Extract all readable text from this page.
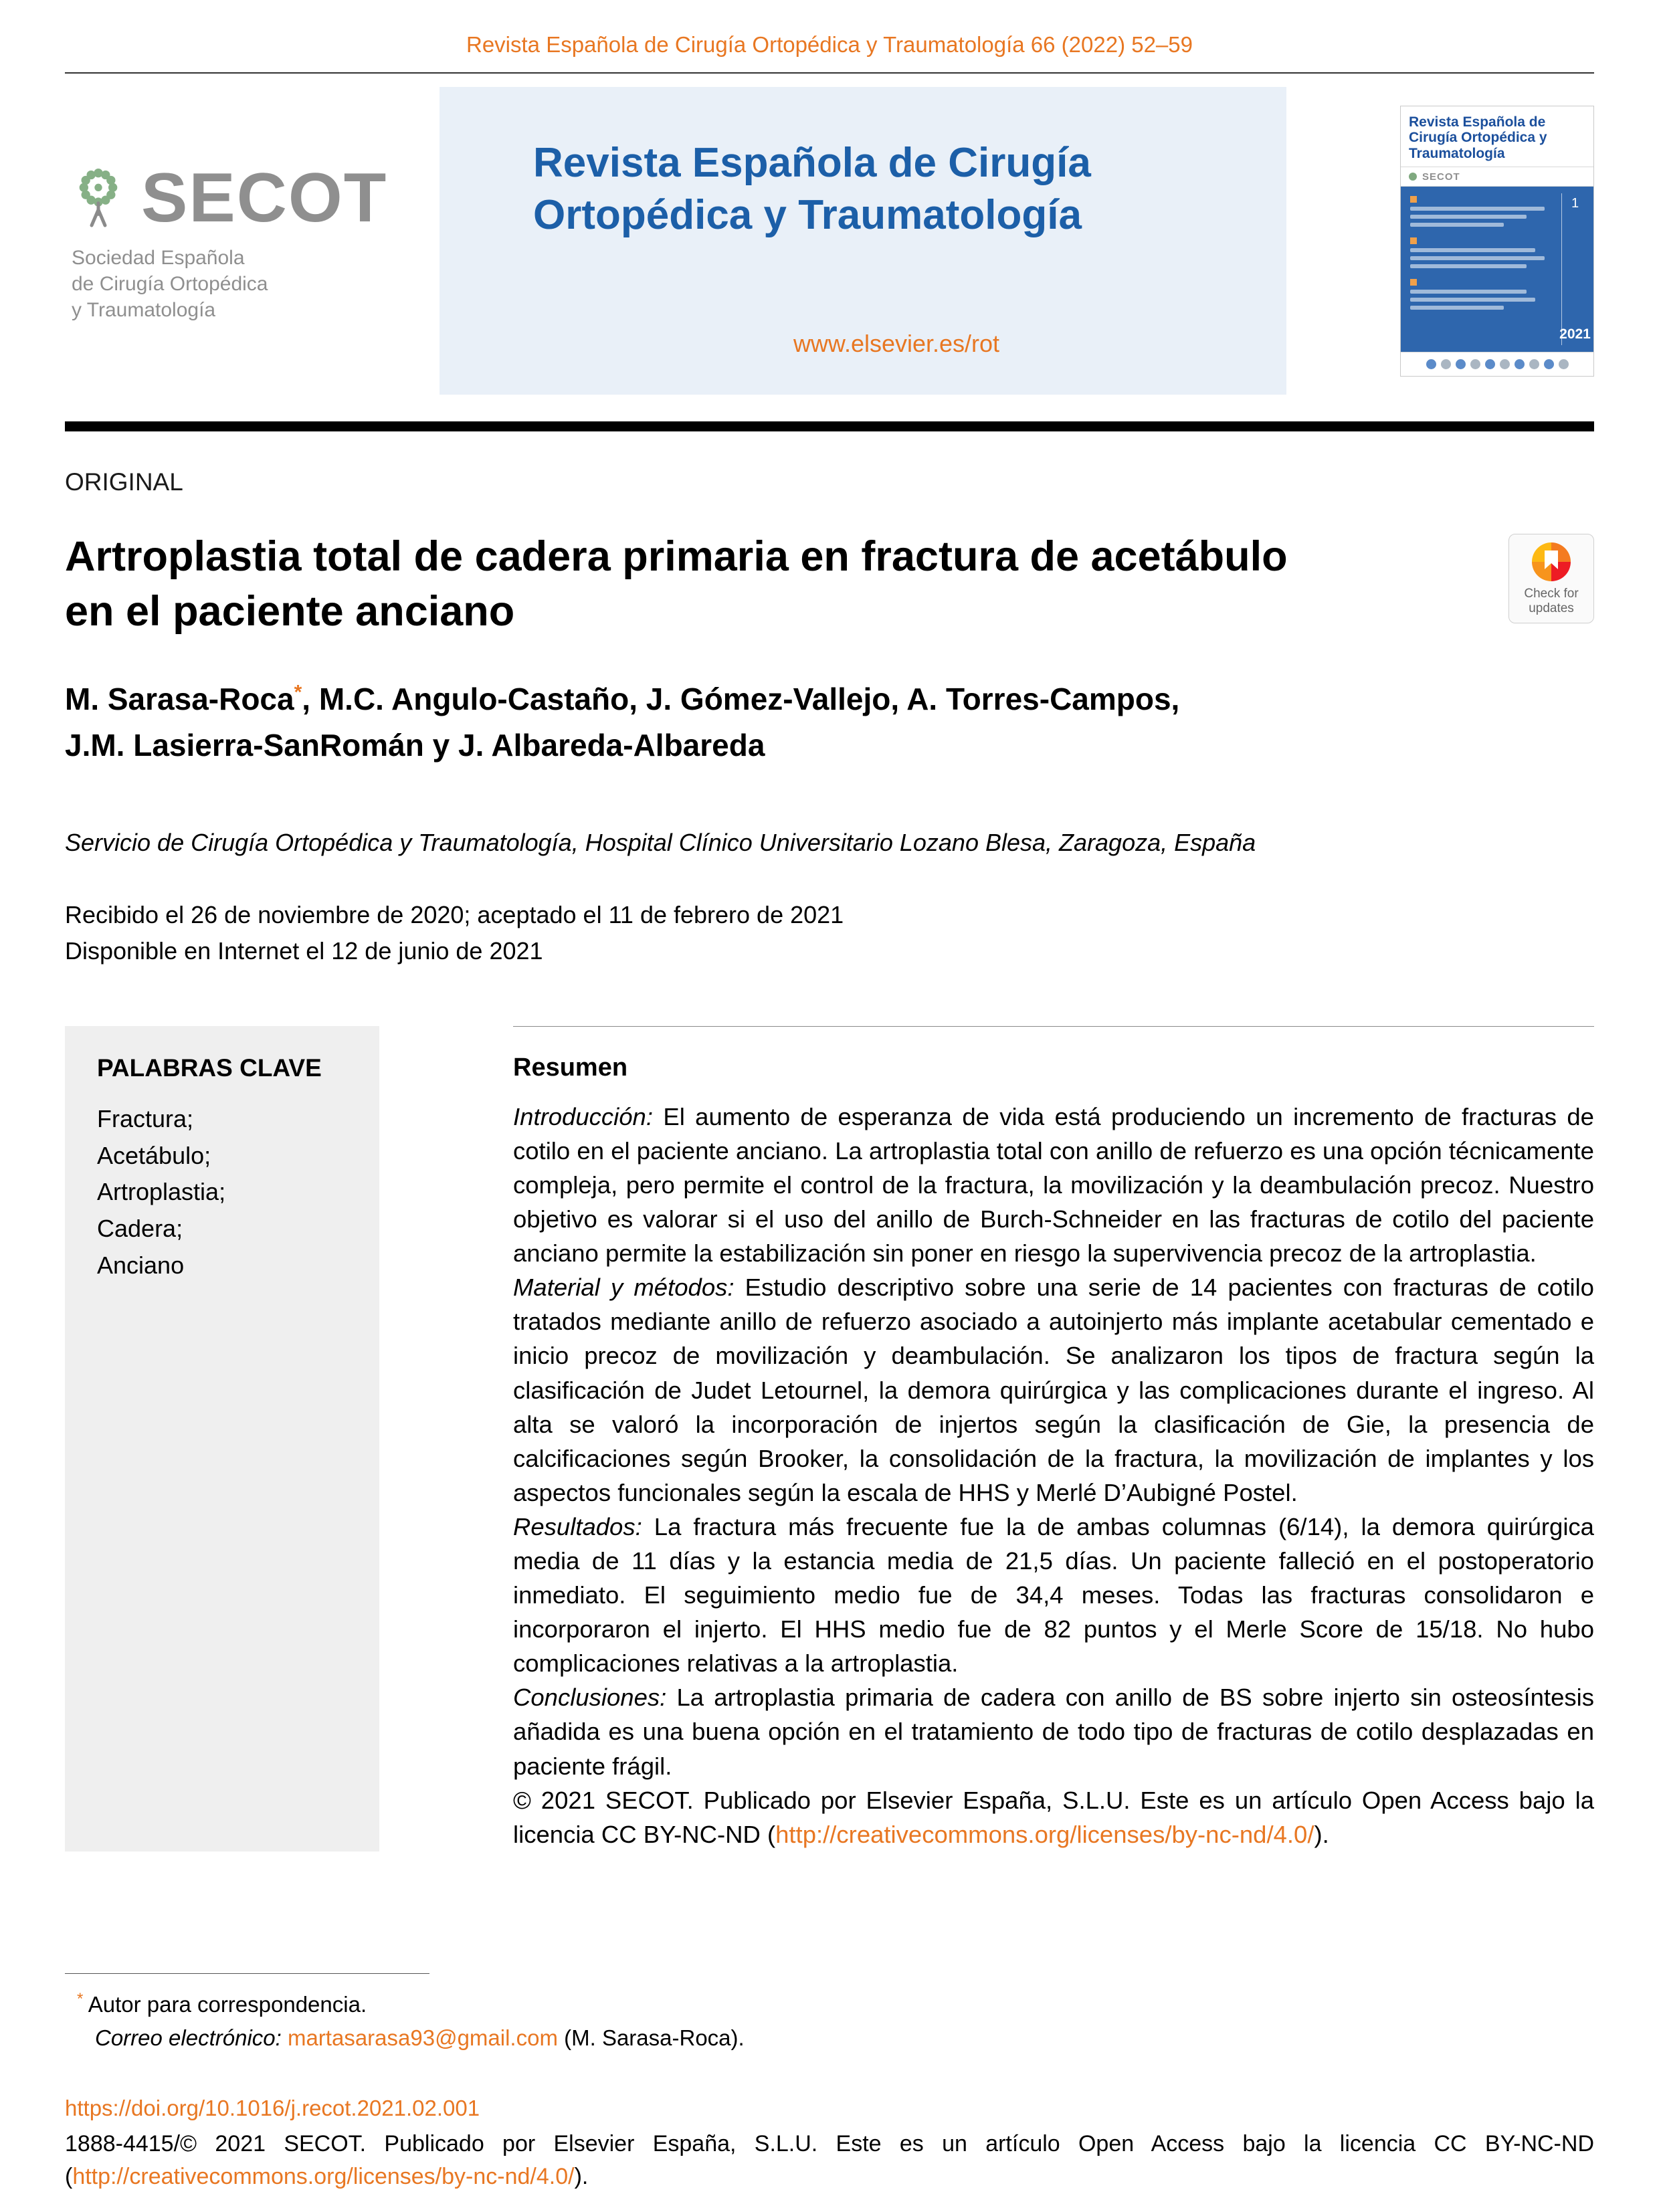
Revista Española de Cirugía Ortopédica y Traumatología 66 (2022) 52–59
SECOT
Sociedad Española
de Cirugía Ortopédica
y Traumatología
Revista Española de Cirugía
Ortopédica y Traumatología
www.elsevier.es/rot
Revista Española de Cirugía Ortopédica y Traumatología
SECOT
1
2021
ORIGINAL
Artroplastia total de cadera primaria en fractura de acetábulo en el paciente anciano	Check for
updates
M. Sarasa-Roca*, M.C. Angulo-Castaño, J. Gómez-Vallejo, A. Torres-Campos,
J.M. Lasierra-SanRomán y J. Albareda-Albareda
Servicio de Cirugía Ortopédica y Traumatología, Hospital Clínico Universitario Lozano Blesa, Zaragoza, España
Recibido el 26 de noviembre de 2020; aceptado el 11 de febrero de 2021
Disponible en Internet el 12 de junio de 2021
PALABRAS CLAVE
Fractura;
Acetábulo;
Artroplastia;
Cadera;
Anciano
Resumen

Introducción: El aumento de esperanza de vida está produciendo un incremento de fracturas de cotilo en el paciente anciano. La artroplastia total con anillo de refuerzo es una opción técnicamente compleja, pero permite el control de la fractura, la movilización y la deambulación precoz. Nuestro objetivo es valorar si el uso del anillo de Burch-Schneider en las fracturas de cotilo del paciente anciano permite la estabilización sin poner en riesgo la supervivencia precoz de la artroplastia.

Material y métodos: Estudio descriptivo sobre una serie de 14 pacientes con fracturas de cotilo tratados mediante anillo de refuerzo asociado a autoinjerto más implante acetabular cementado e inicio precoz de movilización y deambulación. Se analizaron los tipos de fractura según la clasificación de Judet Letournel, la demora quirúrgica y las complicaciones durante el ingreso. Al alta se valoró la incorporación de injertos según la clasificación de Gie, la presencia de calcificaciones según Brooker, la consolidación de la fractura, la movilización de implantes y los aspectos funcionales según la escala de HHS y Merlé D’Aubigné Postel.

Resultados: La fractura más frecuente fue la de ambas columnas (6/14), la demora quirúrgica media de 11 días y la estancia media de 21,5 días. Un paciente falleció en el postoperatorio inmediato. El seguimiento medio fue de 34,4 meses. Todas las fracturas consolidaron e incorporaron el injerto. El HHS medio fue de 82 puntos y el Merle Score de 15/18. No hubo complicaciones relativas a la artroplastia.

Conclusiones: La artroplastia primaria de cadera con anillo de BS sobre injerto sin osteosíntesis añadida es una buena opción en el tratamiento de todo tipo de fracturas de cotilo desplazadas en paciente frágil.

© 2021 SECOT. Publicado por Elsevier España, S.L.U. Este es un artículo Open Access bajo la licencia CC BY-NC-ND (http://creativecommons.org/licenses/by-nc-nd/4.0/).

* Autor para correspondencia.

Correo electrónico: martasarasa93@gmail.com (M. Sarasa-Roca).

https://doi.org/10.1016/j.recot.2021.02.001

1888-4415/© 2021 SECOT. Publicado por Elsevier España, S.L.U. Este es un artículo Open Access bajo la licencia CC BY-NC-ND (http://creativecommons.org/licenses/by-nc-nd/4.0/).
